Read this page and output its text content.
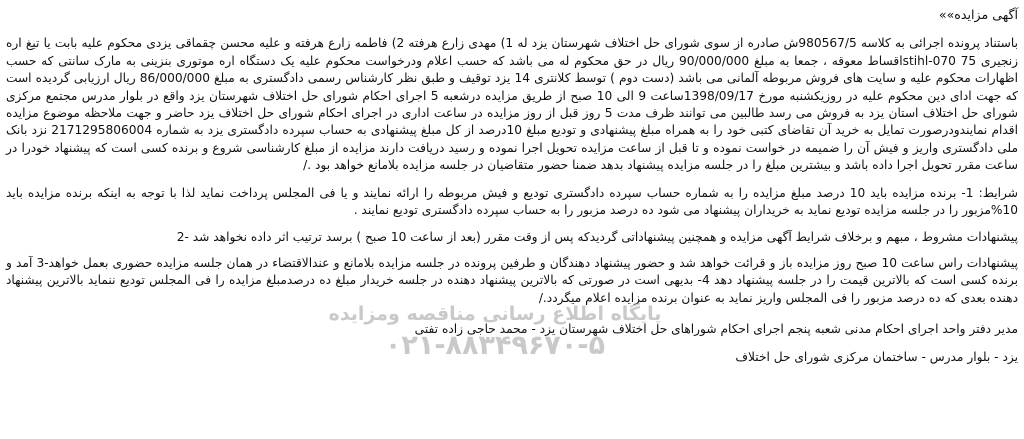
آگهی مزایده»»

باستناد پرونده اجرائی به کلاسه 980567/5ش صادره از سوی شورای حل اختلاف شهرستان یزد له 1) مهدی زارع هرفته 2) فاطمه زارع هرفته و علیه محسن چقماقی یزدی محکوم علیه بابت یا تیغ اره زنجیری 75 stihl-070اقساط معوقه ، جمعا به مبلغ 90/000/000 ریال در حق محکوم له می باشد که حسب اعلام ودرخواست محکوم علیه یک دستگاه اره موتوری بنزینی به مارک سانتی که حسب اظهارات محکوم علیه و سایت های فروش مربوطه آلمانی می باشد (دست دوم ) توسط کلانتری 14 یزد توقیف و طبق نظر کارشناس رسمی دادگستری به مبلغ 86/000/000 ریال ارزیابی گردیده است که جهت ادای دین محکوم علیه در روزیکشنبه مورخ 1398/09/17ساعت 9 الی 10 صبح از طریق مزایده درشعبه 5 اجرای احکام شورای حل اختلاف شهرستان یزد واقع در بلوار مدرس مجتمع مرکزی شورای حل اختلاف استان یزد به فروش می رسد طالبین می توانند ظرف مدت 5 روز قبل از روز مزایده در ساعت اداری در اجرای احکام شورای حل اختلاف یزد حاضر و جهت ملاحظه موضوع مزایده اقدام نمایندودرصورت تمایل به خرید آن تقاضای کتبی خود را به همراه مبلغ پیشنهادی و تودیع مبلغ 10درصد از کل مبلغ پیشنهادی به حساب سپرده دادگستری یزد به شماره 2171295806004 نزد بانک ملی دادگستری واریز و فیش آن را ضمیمه در خواست نموده و تا قبل از ساعت مزایده تحویل اجرا نموده و رسید دریافت دارند مزایده از مبلغ کارشناسی شروع و برنده کسی است که پیشنهاد خودرا در ساعت مقرر تحویل اجرا داده باشد و بیشترین مبلغ را در جلسه مزایده پیشنهاد بدهد ضمنا حضور متقاضیان در جلسه مزایده بلامانع خواهد بود ./

شرایط: 1- برنده مزایده باید 10 درصد مبلغ مزایده را به شماره حساب سپرده دادگستری تودیع و فیش مربوطه را ارائه نمایند و یا فی المجلس پرداخت نماید لذا با توجه به اینکه برنده مزایده باید 10%مزبور را در جلسه مزایده تودیع نماید به خریداران پیشنهاد می شود ده درصد مزبور را به حساب سپرده دادگستری تودیع نمایند .

پیشنهادات مشروط ، مبهم و برخلاف شرایط آگهی مزایده و همچنین پیشنهاداتی گردیدکه پس از وقت مقرر (بعد از ساعت 10 صبح ) برسد ترتیب اثر داده نخواهد شد -2

پیشنهادات راس ساعت 10 صبح روز مزایده باز و قرائت خواهد شد و حضور پیشنهاد دهندگان و طرفین پرونده در جلسه مزایده بلامانع و عندالاقتضاء در همان جلسه مزایده حضوری بعمل خواهد-3 آمد و برنده کسی است که بالاترین قیمت را در جلسه پیشنهاد دهد 4- بدیهی است در صورتی که بالاترین پیشنهاد دهنده در جلسه خریدار مبلغ ده درصدمبلغ مزایده را فی المجلس تودیع ننماید بالاترین پیشنهاد دهنده بعدی که ده درصد مزبور را فی المجلس واریز نماید به عنوان برنده مزایده اعلام میگردد./

مدیر دفتر واحد اجرای احکام مدنی شعبه پنجم اجرای احکام شوراهای حل اختلاف شهرستان یزد - محمد حاجی زاده تفتی
یزد - بلوار مدرس - ساختمان مرکزی شورای حل اختلاف
پایگاه اطلاع رسانی مناقصه ومزایده
۰۲۱-۸۸۳۴۹۶۷۰-۵
